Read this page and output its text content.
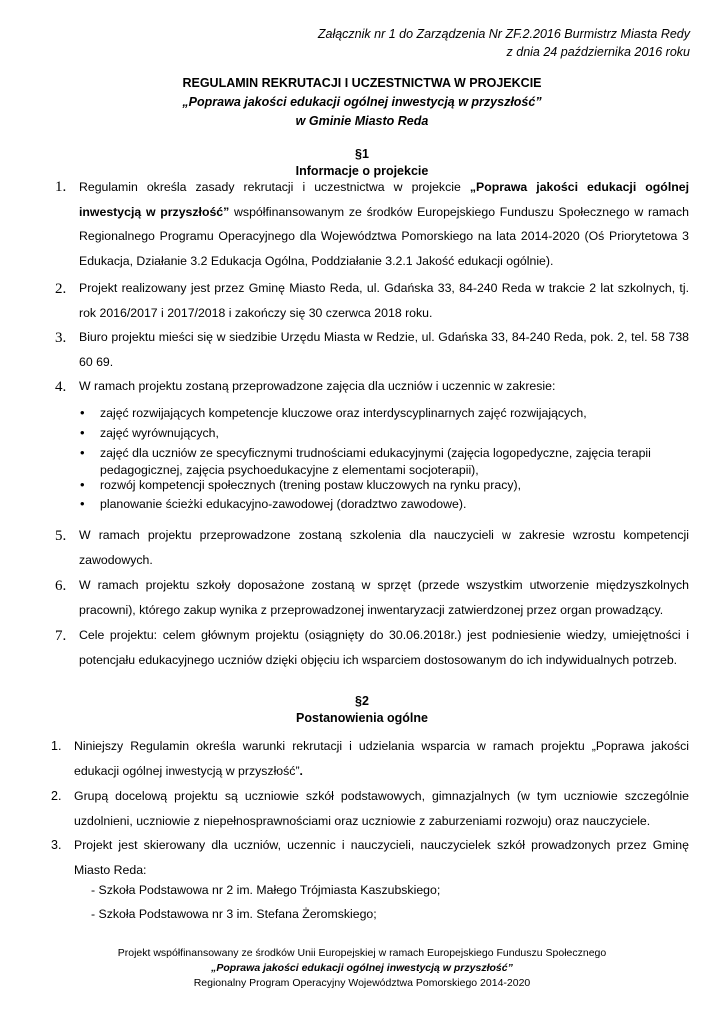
Załącznik nr 1 do Zarządzenia Nr ZF.2.2016 Burmistrz Miasta Redy
z dnia 24 października 2016 roku
REGULAMIN REKRUTACJI I UCZESTNICTWA W PROJEKCIE
„Poprawa jakości edukacji ogólnej inwestycją w przyszłość”
w Gminie Miasto Reda
§1
Informacje o projekcie
1. Regulamin określa zasady rekrutacji i uczestnictwa w projekcie „Poprawa jakości edukacji ogólnej inwestycją w przyszłość” współfinansowanym ze środków Europejskiego Funduszu Społecznego w ramach Regionalnego Programu Operacyjnego dla Województwa Pomorskiego na lata 2014-2020 (Oś Priorytetowa 3 Edukacja, Działanie 3.2 Edukacja Ogólna, Poddziałanie 3.2.1 Jakość edukacji ogólnie).
2. Projekt realizowany jest przez Gminę Miasto Reda, ul. Gdańska 33, 84-240 Reda w trakcie 2 lat szkolnych, tj. rok 2016/2017 i 2017/2018 i zakończy się 30 czerwca 2018 roku.
3. Biuro projektu mieści się w siedzibie Urzędu Miasta w Redzie, ul. Gdańska 33, 84-240 Reda, pok. 2, tel. 58 738 60 69.
4. W ramach projektu zostaną przeprowadzone zajęcia dla uczniów i uczennic w zakresie:
• zajęć rozwijających kompetencje kluczowe oraz interdyscyplinarnych zajęć rozwijających,
• zajęć wyrównujących,
• zajęć dla uczniów ze specyficznymi trudnościami edukacyjnymi (zajęcia logopedyczne, zajęcia terapii pedagogicznej, zajęcia psychoedukacyjne z elementami socjoterapii),
• rozwój kompetencji społecznych (trening postaw kluczowych na rynku pracy),
• planowanie ścieżki edukacyjno-zawodowej (doradztwo zawodowe).
5. W ramach projektu przeprowadzone zostaną szkolenia dla nauczycieli w zakresie wzrostu kompetencji zawodowych.
6. W ramach projektu szkoły doposażone zostaną w sprzęt (przede wszystkim utworzenie międzyszkolnych pracowni), którego zakup wynika z przeprowadzonej inwentaryzacji zatwierdzonej przez organ prowadzący.
7. Cele projektu: celem głównym projektu (osiągnięty do 30.06.2018r.) jest podniesienie wiedzy, umiejętności i potencjału edukacyjnego uczniów dzięki objęciu ich wsparciem dostosowanym do ich indywidualnych potrzeb.
§2
Postanowienia ogólne
1. Niniejszy Regulamin określa warunki rekrutacji i udzielania wsparcia w ramach projektu „Poprawa jakości edukacji ogólnej inwestycją w przyszłość”.
2. Grupą docelową projektu są uczniowie szkół podstawowych, gimnazjalnych (w tym uczniowie szczególnie uzdolnieni, uczniowie z niepełnosprawnościami oraz uczniowie z zaburzeniami rozwoju) oraz nauczyciele.
3. Projekt jest skierowany dla uczniów, uczennic i nauczycieli, nauczycielek szkół prowadzonych przez Gminę Miasto Reda:
- Szkoła Podstawowa nr 2 im. Małego Trójmiasta Kaszubskiego;
- Szkoła Podstawowa nr 3 im. Stefana Żeromskiego;
Projekt współfinansowany ze środków Unii Europejskiej w ramach Europejskiego Funduszu Społecznego
„Poprawa jakości edukacji ogólnej inwestycją w przyszłość”
Regionalny Program Operacyjny Województwa Pomorskiego 2014-2020
